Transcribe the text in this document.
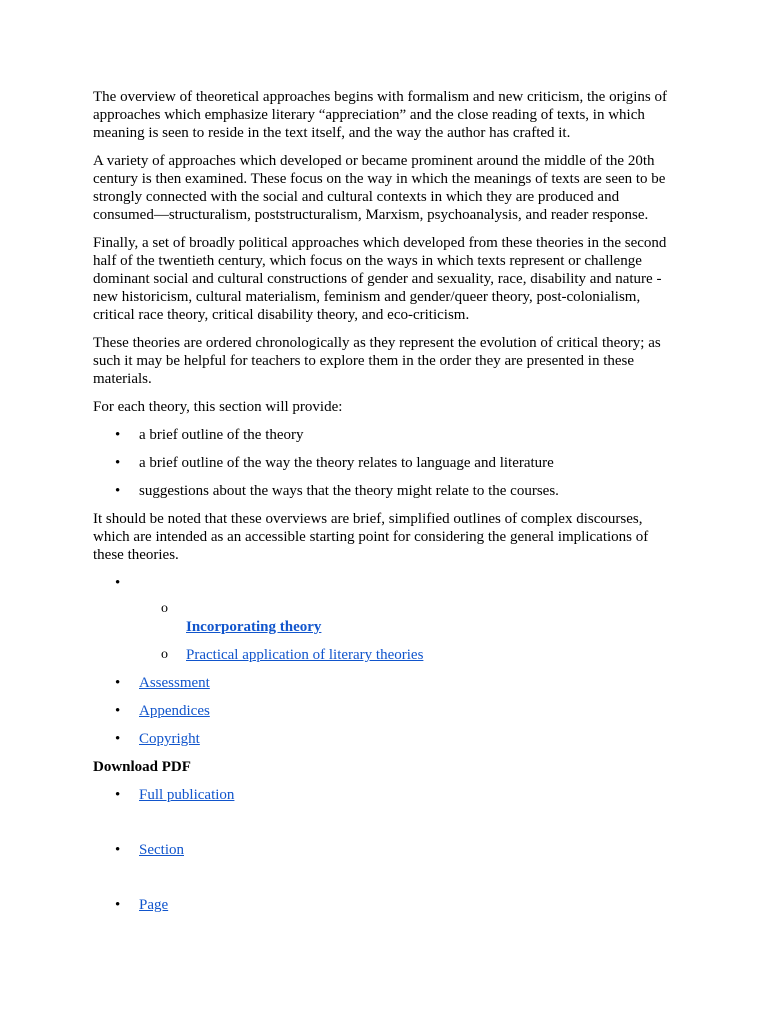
The overview of theoretical approaches begins with formalism and new criticism, the origins of approaches which emphasize literary “appreciation” and the close reading of texts, in which meaning is seen to reside in the text itself, and the way the author has crafted it.

A variety of approaches which developed or became prominent around the middle of the 20th century is then examined. These focus on the way in which the meanings of texts are seen to be strongly connected with the social and cultural contexts in which they are produced and consumed—structuralism, poststructuralism, Marxism, psychoanalysis, and reader response.

Finally, a set of broadly political approaches which developed from these theories in the second half of the twentieth century, which focus on the ways in which texts represent or challenge dominant social and cultural constructions of gender and sexuality, race, disability and nature - new historicism, cultural materialism, feminism and gender/queer theory, post-colonialism, critical race theory, critical disability theory, and eco-criticism.

These theories are ordered chronologically as they represent the evolution of critical theory; as such it may be helpful for teachers to explore them in the order they are presented in these materials.

For each theory, this section will provide:

• a brief outline of the theory
• a brief outline of the way the theory relates to language and literature
• suggestions about the ways that the theory might relate to the courses.

It should be noted that these overviews are brief, simplified outlines of complex discourses, which are intended as an accessible starting point for considering the general implications of these theories.

o • Incorporating theory
o Practical application of literary theories
• Assessment
• Appendices
• Copyright
Download PDF
• Full publication
• Section
• Page
